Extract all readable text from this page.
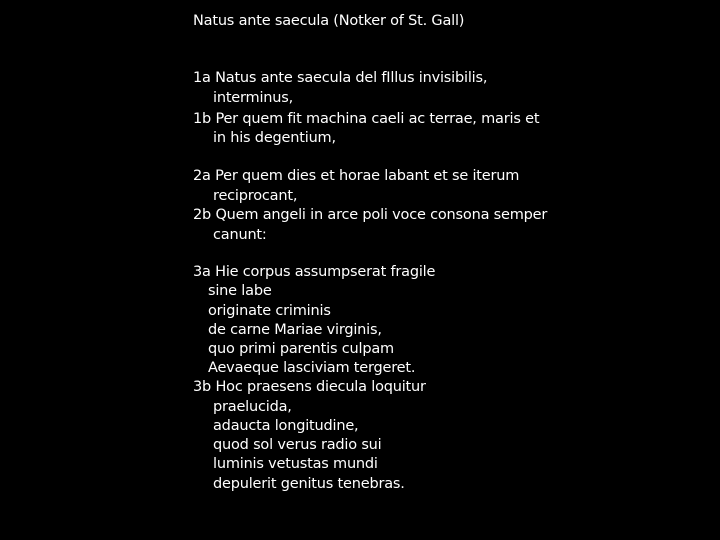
Natus ante saecula (Notker of St. Gall)
1a Natus ante saecula del fIllus invisibilis,
interminus,
1b Per quem fit machina caeli ac terrae, maris et
in his degentium,
2a Per quem dies et horae labant et se iterum
reciprocant,
2b Quem angeli in arce poli voce consona semper
canunt:
3a Hie corpus assumpserat fragile
sine labe
originate criminis
de carne Mariae virginis,
quo primi parentis culpam
Aevaeque lasciviam tergeret.
3b Hoc praesens diecula loquitur
praelucida,
adaucta longitudine,
quod sol verus radio sui
luminis vetustas mundi
depulerit genitus tenebras.
